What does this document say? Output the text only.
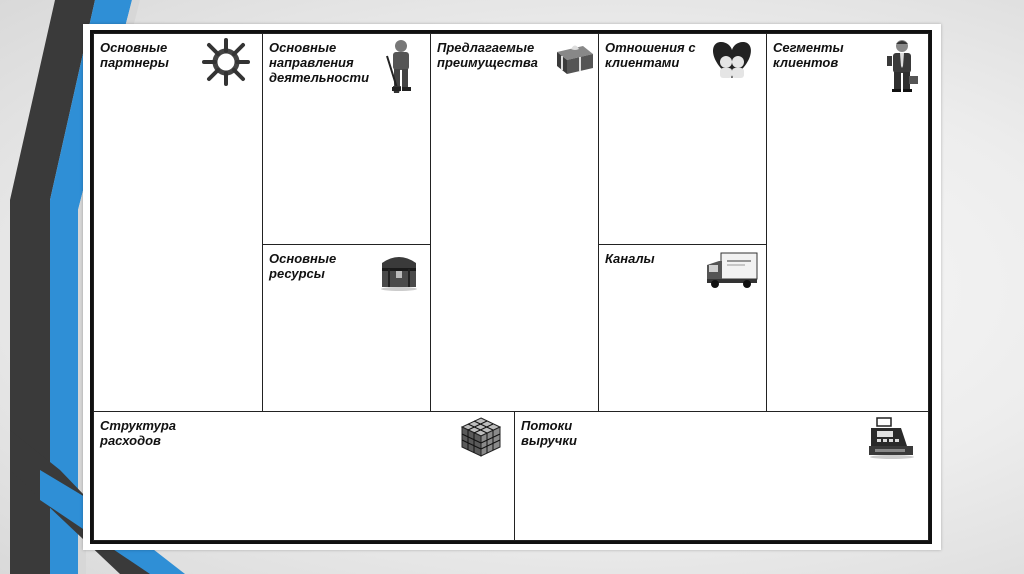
Основные
партнеры
Основные
направления
деятельности
Основные
ресурсы
Предлагаемые
преимущества
Отношения с
клиентами
Каналы
Сегменты
клиентов
Структура
расходов
Потоки
выручки
